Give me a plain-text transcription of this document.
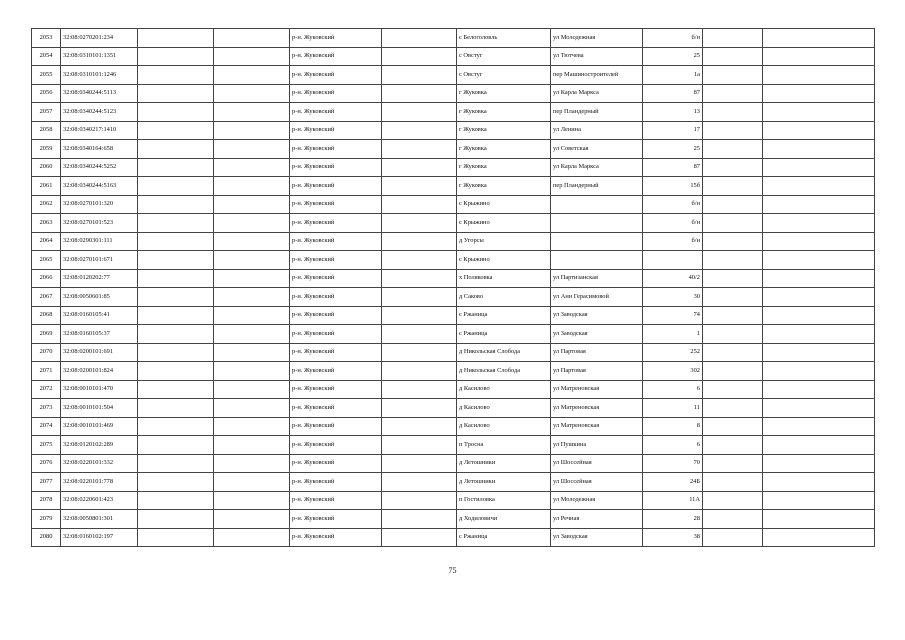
2053	32:08:0270201:234			р-н. Жуковский		с Белоголовль	ул Молодежная	б/н		
2054	32:08:0310101:1351			р-н. Жуковский		с Овстуг	ул Тютчева	25		
2055	32:08:0310101:1246			р-н. Жуковский		с Овстуг	пер Машиностроителей	1а		
2056	32:08:0340244:5113			р-н. Жуковский		г Жуковка	ул Карла Маркса	87		
2057	32:08:0340244:5123			р-н. Жуковский		г Жуковка	пер Пландерный	13		
2058	32:08:0340217:1410			р-н. Жуковский		г Жуковка	ул Ленина	17		
2059	32:08:0340164:658			р-н. Жуковский		г Жуковка	ул Советская	25		
2060	32:08:0340244:5252			р-н. Жуковский		г Жуковка	ул Карла Маркса	87		
2061	32:08:0340244:5163			р-н. Жуковский		г Жуковка	пер Пландерный	15б		
2062	32:08:0270101:320			р-н. Жуковский		с Крыжино		б/н		
2063	32:08:0270101:523			р-н. Жуковский		с Крыжино		б/н		
2064	32:08:0290301:111			р-н. Жуковский		д Угорсы		б/н		
2065	32:08:0270101:671			р-н. Жуковский		с Крыжино				
2066	32:08:0120202:77			р-н. Жуковский		х Поляковка	ул Партизанская	40/2		
2067	32:08:0050601:85			р-н. Жуковский		д Саково	ул Анн Герасимовой	30		
2068	32:08:0160105:41			р-н. Жуковский		с Ржаница	ул Заводская	74		
2069	32:08:0160105:37			р-н. Жуковский		с Ржаница	ул Заводская	1		
2070	32:08:0200101:691			р-н. Жуковский		д Никольская Слобода	ул Партовая	252		
2071	32:08:0200101:824			р-н. Жуковский		д Никольская Слобода	ул Партовая	302		
2072	32:08:0010101:470			р-н. Жуковский		д Касилово	ул Матреновская	6		
2073	32:08:0010101:504			р-н. Жуковский		д Касилово	ул Матреновская	11		
2074	32:08:0010101:469			р-н. Жуковский		д Касилово	ул Матреновская	8		
2075	32:08:0120102:289			р-н. Жуковский		п Тросна	ул Пушкина	6		
2076	32:08:0220101:332			р-н. Жуковский		д Летошники	ул Шоссейная	70		
2077	32:08:0220101:778			р-н. Жуковский		д Летошники	ул Шоссейная	24Б		
2078	32:08:0220601:423			р-н. Жуковский		п Гостиловка	ул Молодежная	11А		
2079	32:08:0050801:301			р-н. Жуковский		д Ходиловичи	ул Речная	28		
2080	32:08:0160102:197			р-н. Жуковский		с Ржаница	ул Заводская	38		
75
